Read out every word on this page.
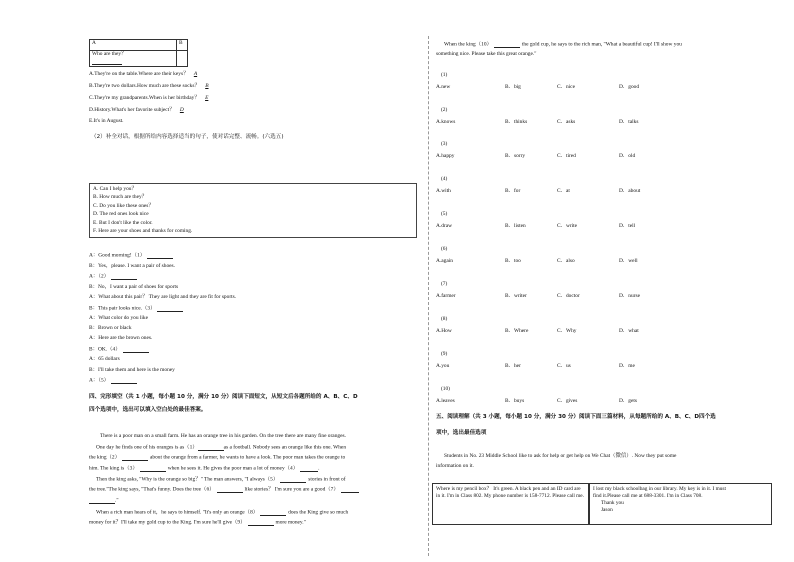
A	B
Who are they？

A.They're on the table.Where are their keys？ A
B.They're two dollars.How much are these socks？ B
C.They're my grandparents.When is her birthday？ E
D.History.What's her favorite subject？ D
E.It's in August.
（2）补全对话，根据所给内容选择适当的句子，使对话完整、流畅。(六选五)
A. Can I help you？
B. How much are they？
C. Do you like these ones？
D. The red ones look nice
E. But I don't like the color.
F. Here are your shoes and thanks for coming.
A：Good morning!（1）
B：Yes，please. I want a pair of shoes.
A：（2）
B：No，I want a pair of shoes for sports
A：What about this pair？ They are light and they are fit for sports.
B：This pair looks nice.（3）
A：What color do you like
B：Brown or black
A：Here are the brown ones.
B：OK.（4）
A：65 dollars
B：I'll take them and here is the money
A：（5）
四、完形填空（共 1 小题，每小题 10 分，满分 10 分）阅读下面短文，从短文后各题所给的 A、B、C、D
四个选项中，选出可以填入空白处的最佳答案。
There is a poor man on a small farm. He has an orange tree in his garden. On the tree there are many fine oranges.
One day he finds one of his oranges is as（1）	as a football. Nobody sees an orange like this one. When
the king（2）	about the orange from a farmer, he wants to have a look. The poor man takes the orange to
him. The king is（3）	when he sees it. He gives the poor man a lot of money（4）	.
Then the king asks, "Why is the orange so big？" The man answers, "I always（5）	stories in front of
the tree."The king says, "That's funny. Does the tree（6）	like stories？ I'm sure you are a good（7）
."
When a rich man hears of it，he says to himself. "It's only an orange（8）	does the King give so much
money for it？I'll take my gold cup to the King. I'm sure he'll give（9）	more money."
When the king（10）	the gold cup, he says to the rich man, "What a beautiful cup! I'll show you
something nice. Please take this great orange."
(1)
A.new	B．big	C．nice	D．good
(2)
A.knows	B．thinks	C．asks	D．talks
(3)
A.happy	B．sorry	C．tired	D．old
(4)
A.with	B．for	C．at	D．about
(5)
A.draw	B．listen	C．write	D．tell
(6)
A.again	B．too	C．also	D．well
(7)
A.farmer	B．writer	C．doctor	D．nurse
(8)
A.How	B．Where	C．Why	D．what
(9)
A.you	B．her	C．us	D．me
(10)
A.leaves	B．buys	C．gives	D．gets
五、阅读理解（共 3 小题，每小题 10 分，满分 30 分）阅读下面三篇材料，从每题所给的 A、B、C、D四个选
项中，选出最佳选项
Students in No. 23 Middle School like to ask for help or get help on We Chat（微信）. Now they put some
information on it.
Where is my pencil box？ It's green. A black pen and an ID card are in it. I'm in Class 802. My phone number is 158-7712. Please call me.
I lost my black schoolbag in our library. My key is in it. I must
find it.Please call me at 688-3301. I'm in Class 708.
Thank you
Jason
